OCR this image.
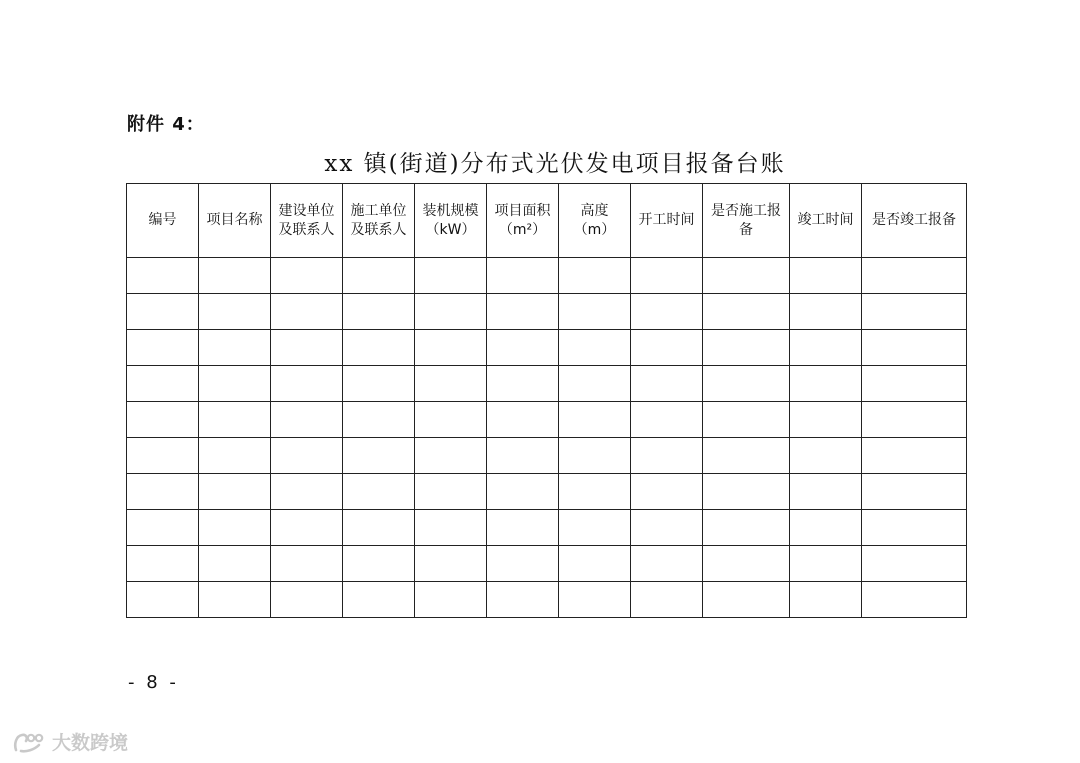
附件 4：
xx 镇(街道)分布式光伏发电项目报备台账
编号	项目名称	建设单位及联系人	施工单位及联系人	装机规模（kW）	项目面积（m²）	高度（m）	开工时间	是否施工报备	竣工时间	是否竣工报备

- 8 -
大数跨境
